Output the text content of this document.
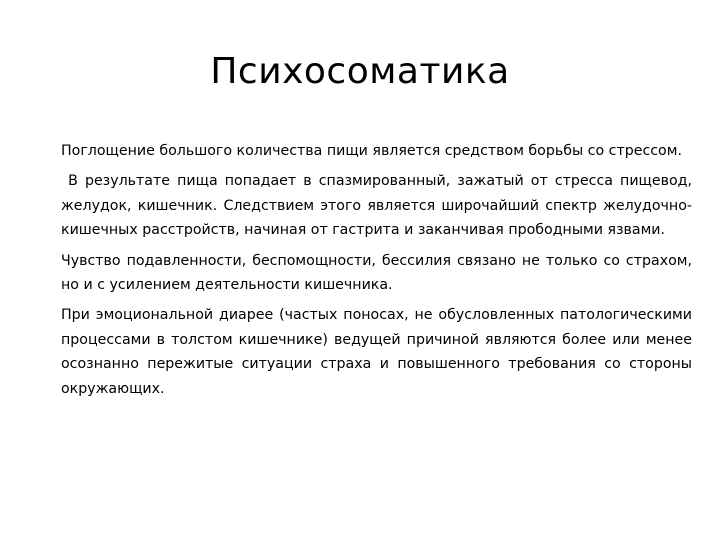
Психосоматика

Поглощение большого количества пищи является средством борьбы со стрессом.

В результате пища попадает в спазмированный, зажатый от стресса пищевод, желудок, кишечник. Следствием этого является широчайший спектр желудочно-кишечных расстройств, начиная от гастрита и заканчивая прободными язвами.

Чувство подавленности, беспомощности, бессилия связано не только со страхом, но и с усилением деятельности кишечника.

При эмоциональной диарее (частых поносах, не обусловленных патологическими процессами в толстом кишечнике) ведущей причиной являются более или менее осознанно пережитые ситуации страха и повышенного требования со стороны окружающих.
